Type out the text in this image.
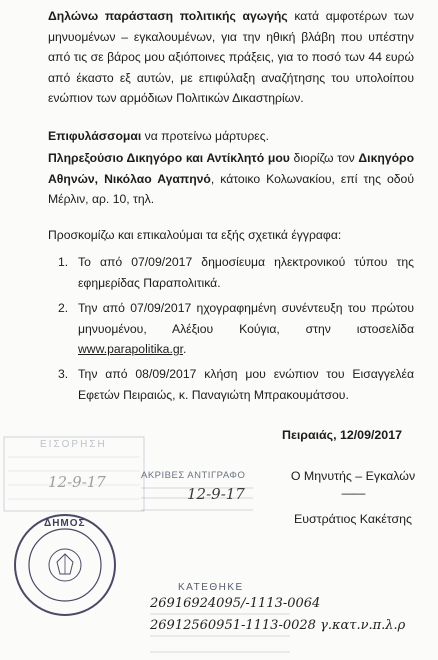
Δηλώνω παράσταση πολιτικής αγωγής κατά αμφοτέρων των μηνυομένων – εγκαλουμένων, για την ηθική βλάβη που υπέστην από τις σε βάρος μου αξιόποινες πράξεις, για το ποσό των 44 ευρώ από έκαστο εξ αυτών, με επιφύλαξη αναζήτησης του υπολοίπου ενώπιον των αρμόδιων Πολιτικών Δικαστηρίων.
Επιφυλάσσομαι να προτείνω μάρτυρες.
Πληρεξούσιο Δικηγόρο και Αντίκλητό μου διορίζω τον Δικηγόρο Αθηνών, Νικόλαο Αγαπηνό, κάτοικο Κολωνακίου, επί της οδού Μέρλιν, αρ. 10, τηλ.
Προσκομίζω και επικαλούμαι τα εξής σχετικά έγγραφα:
1. Το από 07/09/2017 δημοσίευμα ηλεκτρονικού τύπου της εφημερίδας Παραπολιτικά.
2. Την από 07/09/2017 ηχογραφημένη συνέντευξη του πρώτου μηνυομένου, Αλέξιου Κούγια, στην ιστοσελίδα www.parapolitika.gr.
3. Την από 08/09/2017 κλήση μου ενώπιον του Εισαγγελέα Εφετών Πειραιώς, κ. Παναγιώτη Μπρακουμάτσου.
Πειραιάς, 12/09/2017
Ο Μηνυτής – Εγκαλών
——
Ευστράτιος Κακέτσης
ΕΙΣΟΡΗΣΗ
12-9-17	ΑΚΡΙΒΕΣ ΑΝΤΙΓΡΑΦΟ
12-9-17
ΔΗΜΟΣ
ΚΑΤΕΘΗΚΕ
26916924095/-1113-0064
26912560951-1113-0028 γ.κατ.ν.π.λ.ρ
